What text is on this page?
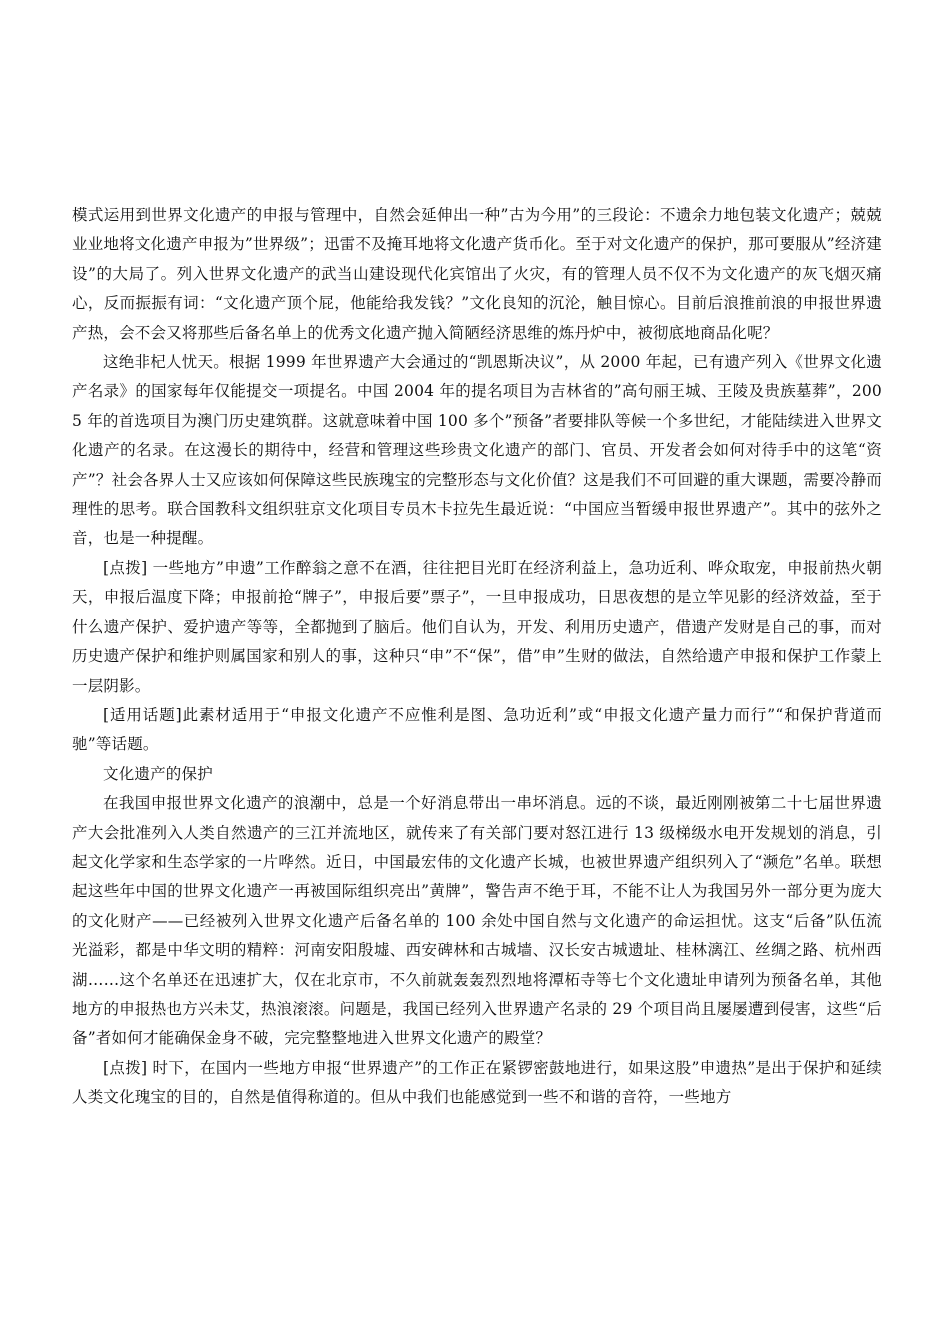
模式运用到世界文化遗产的申报与管理中，自然会延伸出一种”古为今用”的三段论：不遗余力地包装文化遗产；兢兢业业地将文化遗产申报为”世界级”；迅雷不及掩耳地将文化遗产货币化。至于对文化遗产的保护，那可要服从”经济建设”的大局了。列入世界文化遗产的武当山建设现代化宾馆出了火灾，有的管理人员不仅不为文化遗产的灰飞烟灭痛心，反而振振有词：“文化遗产顶个屁，他能给我发钱？”文化良知的沉沦，触目惊心。目前后浪推前浪的申报世界遗产热，会不会又将那些后备名单上的优秀文化遗产抛入简陋经济思维的炼丹炉中，被彻底地商品化呢？

这绝非杞人忧天。根据 1999 年世界遗产大会通过的“凯恩斯决议”，从 2000 年起，已有遗产列入《世界文化遗产名录》的国家每年仅能提交一项提名。中国 2004 年的提名项目为吉林省的”高句丽王城、王陵及贵族墓葬”，2005 年的首选项目为澳门历史建筑群。这就意味着中国 100 多个”预备”者要排队等候一个多世纪，才能陆续进入世界文化遗产的名录。在这漫长的期待中，经营和管理这些珍贵文化遗产的部门、官员、开发者会如何对待手中的这笔“资产”？社会各界人士又应该如何保障这些民族瑰宝的完整形态与文化价值？这是我们不可回避的重大课题，需要冷静而理性的思考。联合国教科文组织驻京文化项目专员木卡拉先生最近说：“中国应当暂缓申报世界遗产”。其中的弦外之音，也是一种提醒。

[点拨] 一些地方”申遗”工作醉翁之意不在酒，往往把目光盯在经济利益上，急功近利、哗众取宠，申报前热火朝天，申报后温度下降；申报前抢“牌子”，申报后要”票子”，一旦申报成功，日思夜想的是立竿见影的经济效益，至于什么遗产保护、爱护遗产等等，全都抛到了脑后。他们自认为，开发、利用历史遗产，借遗产发财是自己的事，而对历史遗产保护和维护则属国家和别人的事，这种只“申”不“保”，借”申”生财的做法，自然给遗产申报和保护工作蒙上一层阴影。

[适用话题]此素材适用于“申报文化遗产不应惟利是图、急功近利”或“申报文化遗产量力而行”“和保护背道而驰”等话题。

文化遗产的保护

在我国申报世界文化遗产的浪潮中，总是一个好消息带出一串坏消息。远的不谈，最近刚刚被第二十七届世界遗产大会批准列入人类自然遗产的三江并流地区，就传来了有关部门要对怒江进行 13 级梯级水电开发规划的消息，引起文化学家和生态学家的一片哗然。近日，中国最宏伟的文化遗产长城，也被世界遗产组织列入了“濒危”名单。联想起这些年中国的世界文化遗产一再被国际组织亮出”黄牌”，警告声不绝于耳，不能不让人为我国另外一部分更为庞大的文化财产——已经被列入世界文化遗产后备名单的 100 余处中国自然与文化遗产的命运担忧。这支“后备”队伍流光溢彩，都是中华文明的精粹：河南安阳殷墟、西安碑林和古城墙、汉长安古城遗址、桂林漓江、丝绸之路、杭州西湖……这个名单还在迅速扩大，仅在北京市，不久前就轰轰烈烈地将潭柘寺等七个文化遗址申请列为预备名单，其他地方的申报热也方兴未艾，热浪滚滚。问题是，我国已经列入世界遗产名录的 29 个项目尚且屡屡遭到侵害，这些“后备”者如何才能确保金身不破，完完整整地进入世界文化遗产的殿堂？

[点拨] 时下，在国内一些地方申报“世界遗产”的工作正在紧锣密鼓地进行，如果这股”申遗热”是出于保护和延续人类文化瑰宝的目的，自然是值得称道的。但从中我们也能感觉到一些不和谐的音符，一些地方
